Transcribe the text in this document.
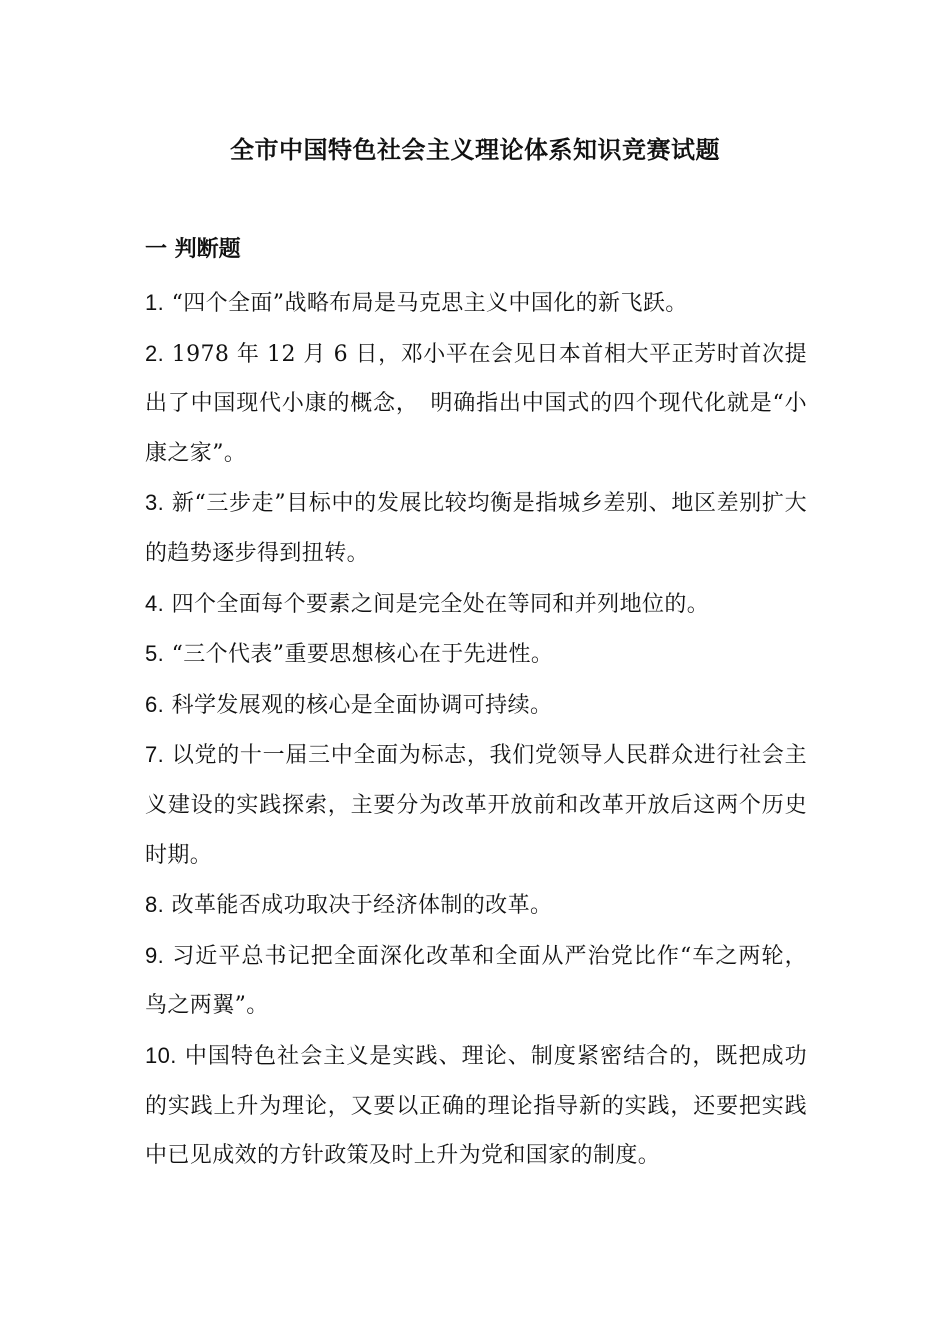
全市中国特色社会主义理论体系知识竞赛试题
一 判断题
1. “四个全面”战略布局是马克思主义中国化的新飞跃。
2. 1978 年 12 月 6 日，邓小平在会见日本首相大平正芳时首次提出了中国现代小康的概念，　明确指出中国式的四个现代化就是“小康之家”。
3. 新“三步走”目标中的发展比较均衡是指城乡差别、地区差别扩大的趋势逐步得到扭转。
4. 四个全面每个要素之间是完全处在等同和并列地位的。
5. “三个代表”重要思想核心在于先进性。
6. 科学发展观的核心是全面协调可持续。
7. 以党的十一届三中全面为标志，我们党领导人民群众进行社会主义建设的实践探索，主要分为改革开放前和改革开放后这两个历史时期。
8. 改革能否成功取决于经济体制的改革。
9. 习近平总书记把全面深化改革和全面从严治党比作“车之两轮，鸟之两翼”。
10. 中国特色社会主义是实践、理论、制度紧密结合的，既把成功的实践上升为理论，又要以正确的理论指导新的实践，还要把实践中已见成效的方针政策及时上升为党和国家的制度。
